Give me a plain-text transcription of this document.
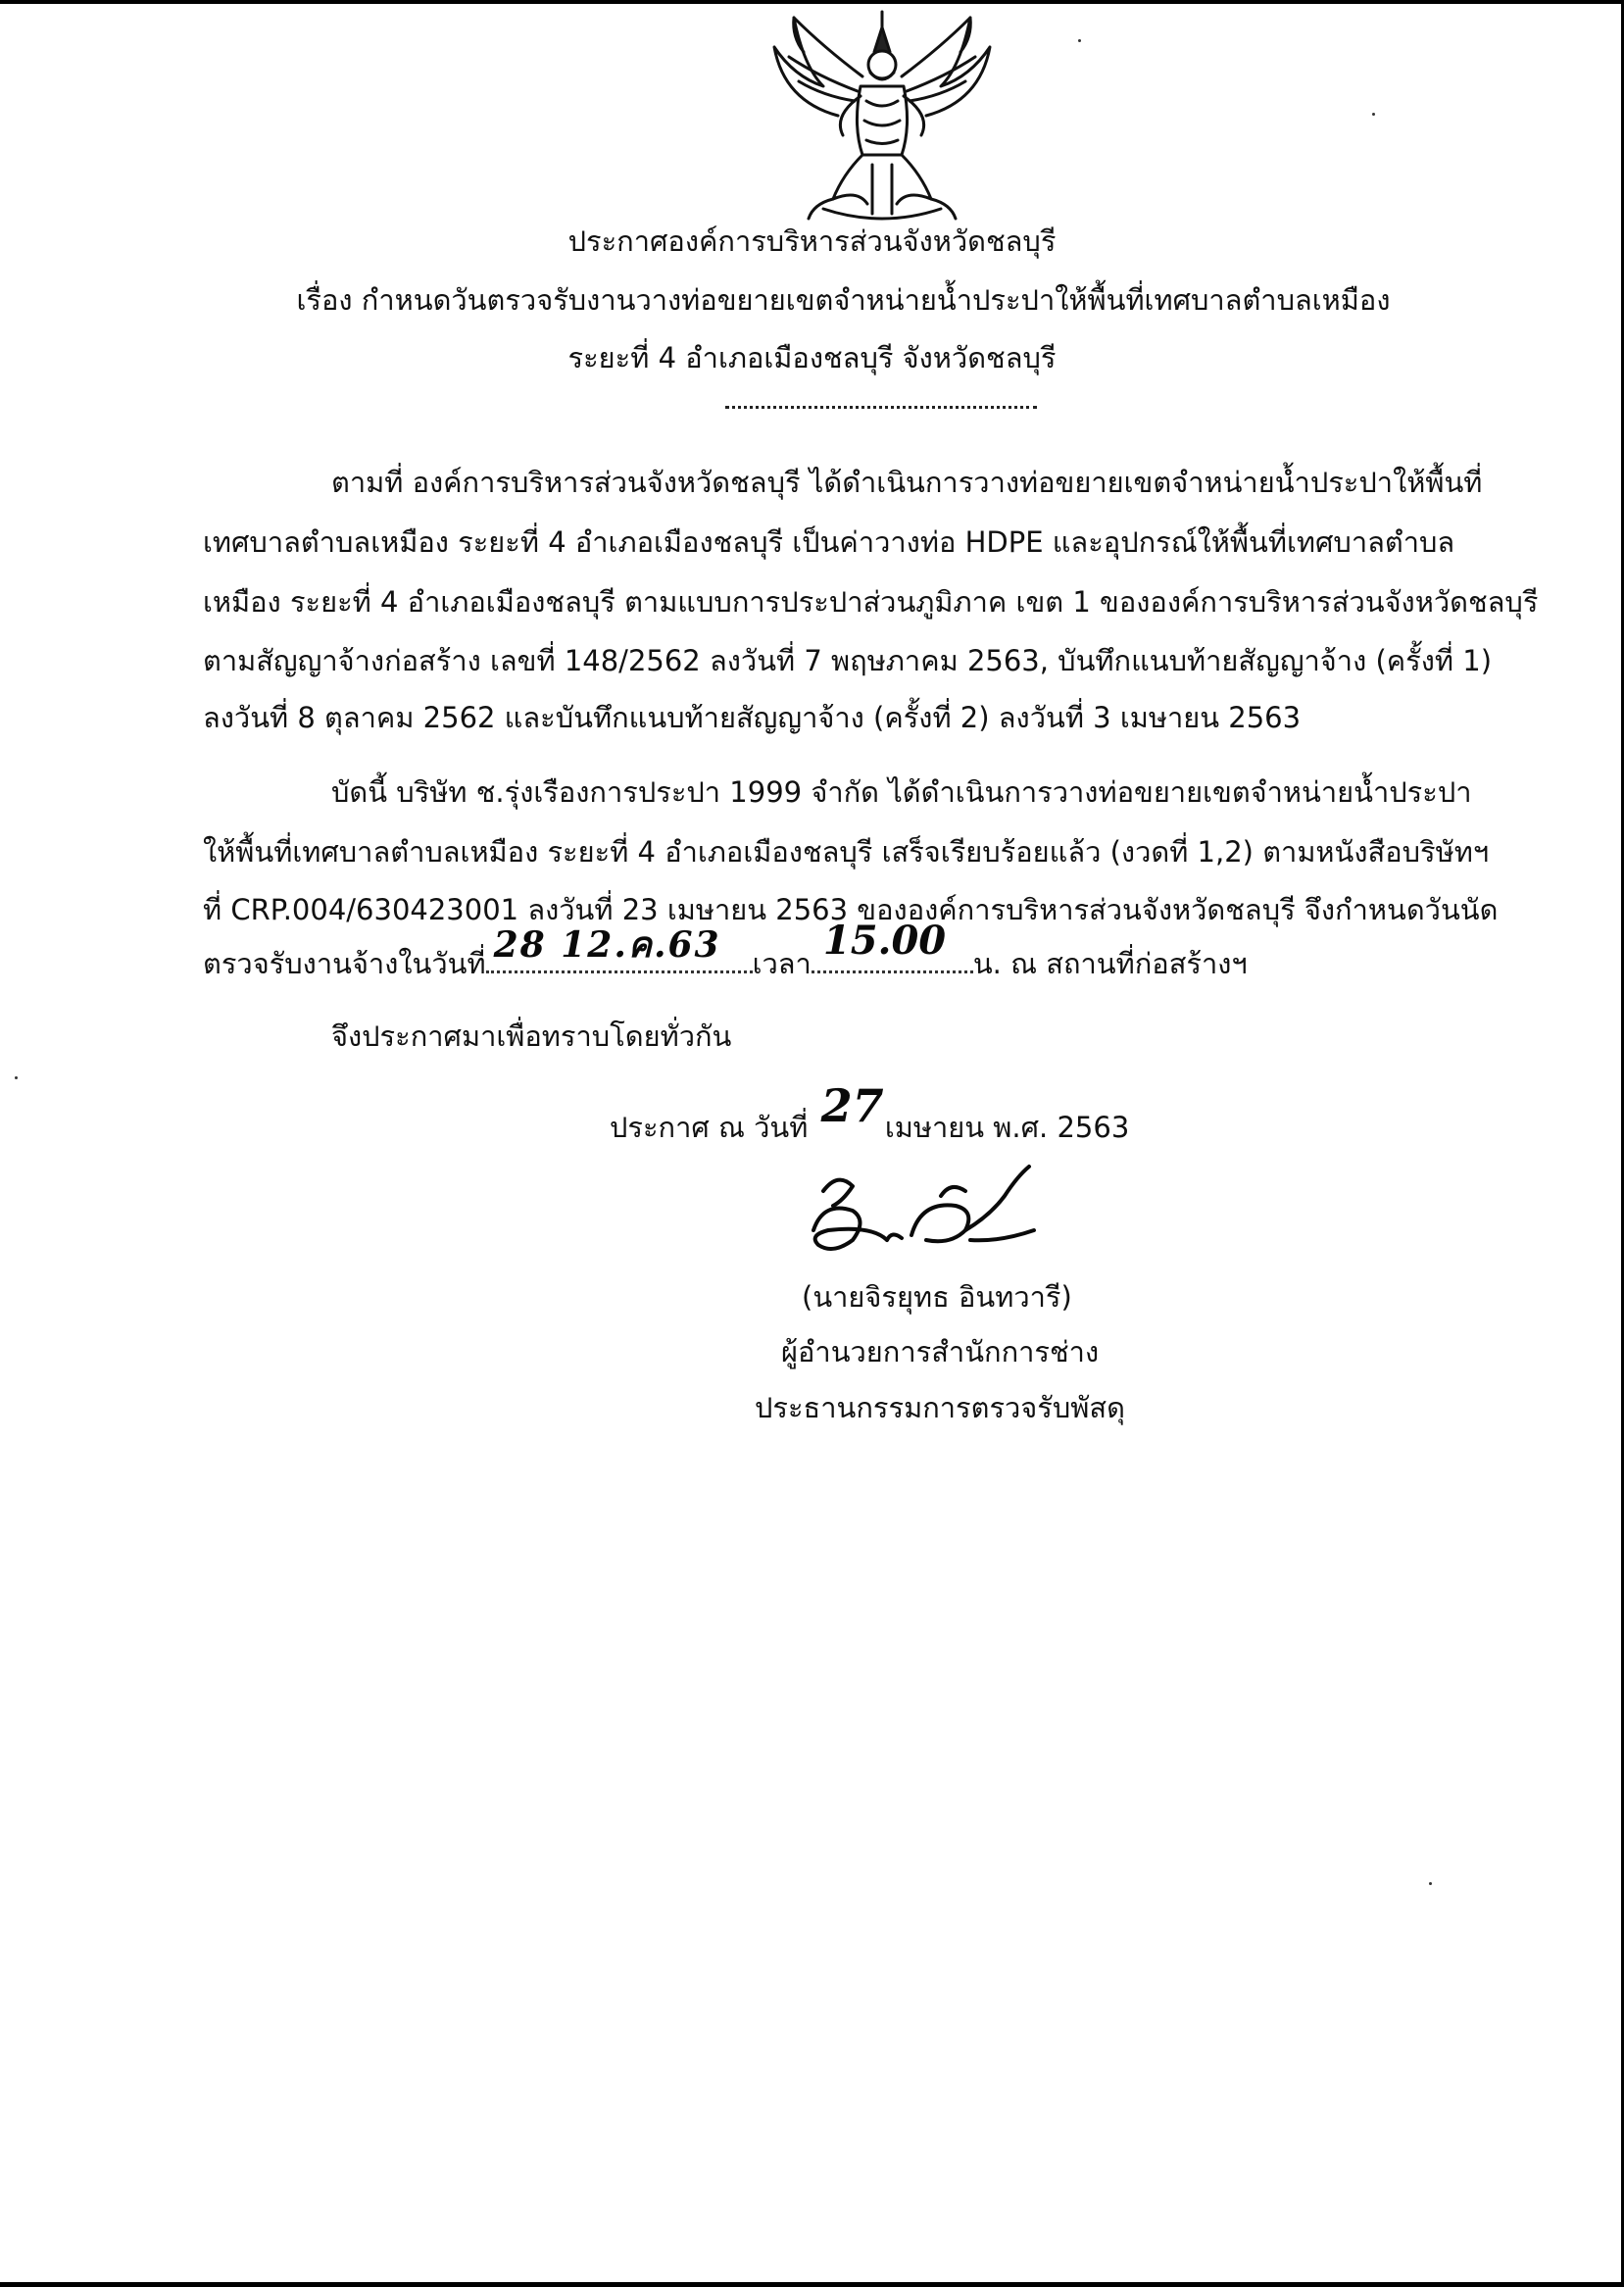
ประกาศองค์การบริหารส่วนจังหวัดชลบุรี
เรื่อง กำหนดวันตรวจรับงานวางท่อขยายเขตจำหน่ายน้ำประปาให้พื้นที่เทศบาลตำบลเหมือง
ระยะที่ 4 อำเภอเมืองชลบุรี จังหวัดชลบุรี
ตามที่ องค์การบริหารส่วนจังหวัดชลบุรี ได้ดำเนินการวางท่อขยายเขตจำหน่ายน้ำประปาให้พื้นที่
เทศบาลตำบลเหมือง ระยะที่ 4 อำเภอเมืองชลบุรี เป็นค่าวางท่อ HDPE และอุปกรณ์ให้พื้นที่เทศบาลตำบล
เหมือง ระยะที่ 4 อำเภอเมืองชลบุรี ตามแบบการประปาส่วนภูมิภาค เขต 1 ขององค์การบริหารส่วนจังหวัดชลบุรี
ตามสัญญาจ้างก่อสร้าง เลขที่ 148/2562 ลงวันที่ 7 พฤษภาคม 2563, บันทึกแนบท้ายสัญญาจ้าง (ครั้งที่ 1)
ลงวันที่ 8 ตุลาคม 2562 และบันทึกแนบท้ายสัญญาจ้าง (ครั้งที่ 2) ลงวันที่ 3 เมษายน 2563
บัดนี้ บริษัท ช.รุ่งเรืองการประปา 1999 จำกัด ได้ดำเนินการวางท่อขยายเขตจำหน่ายน้ำประปา
ให้พื้นที่เทศบาลตำบลเหมือง ระยะที่ 4 อำเภอเมืองชลบุรี เสร็จเรียบร้อยแล้ว (งวดที่ 1,2) ตามหนังสือบริษัทฯ
ที่ CRP.004/630423001 ลงวันที่ 23 เมษายน 2563 ขององค์การบริหารส่วนจังหวัดชลบุรี จึงกำหนดวันนัด
ตรวจรับงานจ้างในวันที่ 28 12.ค.63 เวลา 15.00 น. ณ สถานที่ก่อสร้างฯ
จึงประกาศมาเพื่อทราบโดยทั่วกัน
ประกาศ ณ วันที่ 27 เมษายน พ.ศ. 2563
(นายจิรยุทธ อินทวารี)
ผู้อำนวยการสำนักการช่าง
ประธานกรรมการตรวจรับพัสดุ
